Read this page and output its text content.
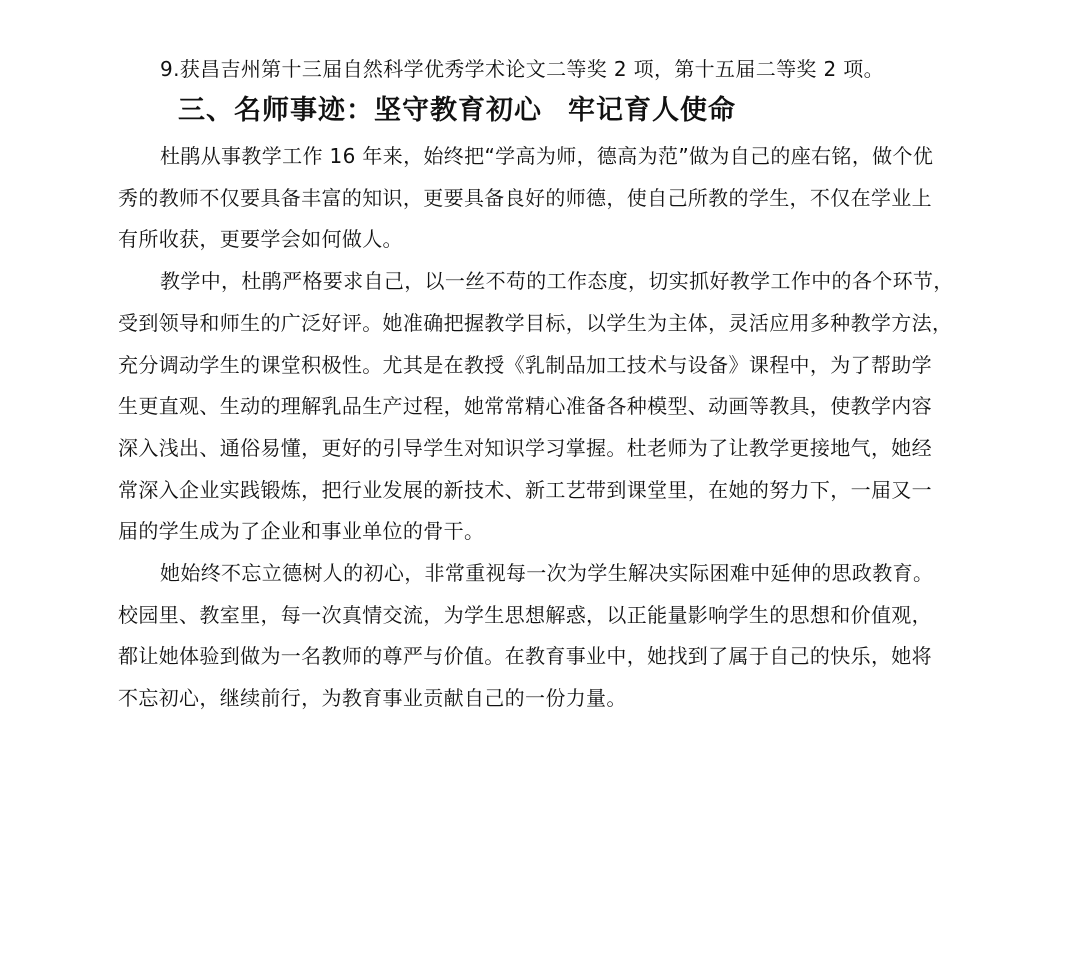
9.获昌吉州第十三届自然科学优秀学术论文二等奖 2 项，第十五届二等奖 2 项。
三、名师事迹：坚守教育初心 牢记育人使命
杜鹃从事教学工作 16 年来，始终把“学高为师，德高为范”做为自己的座右铭，做个优
秀的教师不仅要具备丰富的知识，更要具备良好的师德，使自己所教的学生，不仅在学业上
有所收获，更要学会如何做人。
教学中，杜鹃严格要求自己，以一丝不苟的工作态度，切实抓好教学工作中的各个环节，
受到领导和师生的广泛好评。她准确把握教学目标，以学生为主体，灵活应用多种教学方法，
充分调动学生的课堂积极性。尤其是在教授《乳制品加工技术与设备》课程中，为了帮助学
生更直观、生动的理解乳品生产过程，她常常精心准备各种模型、动画等教具，使教学内容
深入浅出、通俗易懂，更好的引导学生对知识学习掌握。杜老师为了让教学更接地气，她经
常深入企业实践锻炼，把行业发展的新技术、新工艺带到课堂里，在她的努力下，一届又一
届的学生成为了企业和事业单位的骨干。
她始终不忘立德树人的初心，非常重视每一次为学生解决实际困难中延伸的思政教育。
校园里、教室里，每一次真情交流，为学生思想解惑，以正能量影响学生的思想和价值观，
都让她体验到做为一名教师的尊严与价值。在教育事业中，她找到了属于自己的快乐，她将
不忘初心，继续前行，为教育事业贡献自己的一份力量。
